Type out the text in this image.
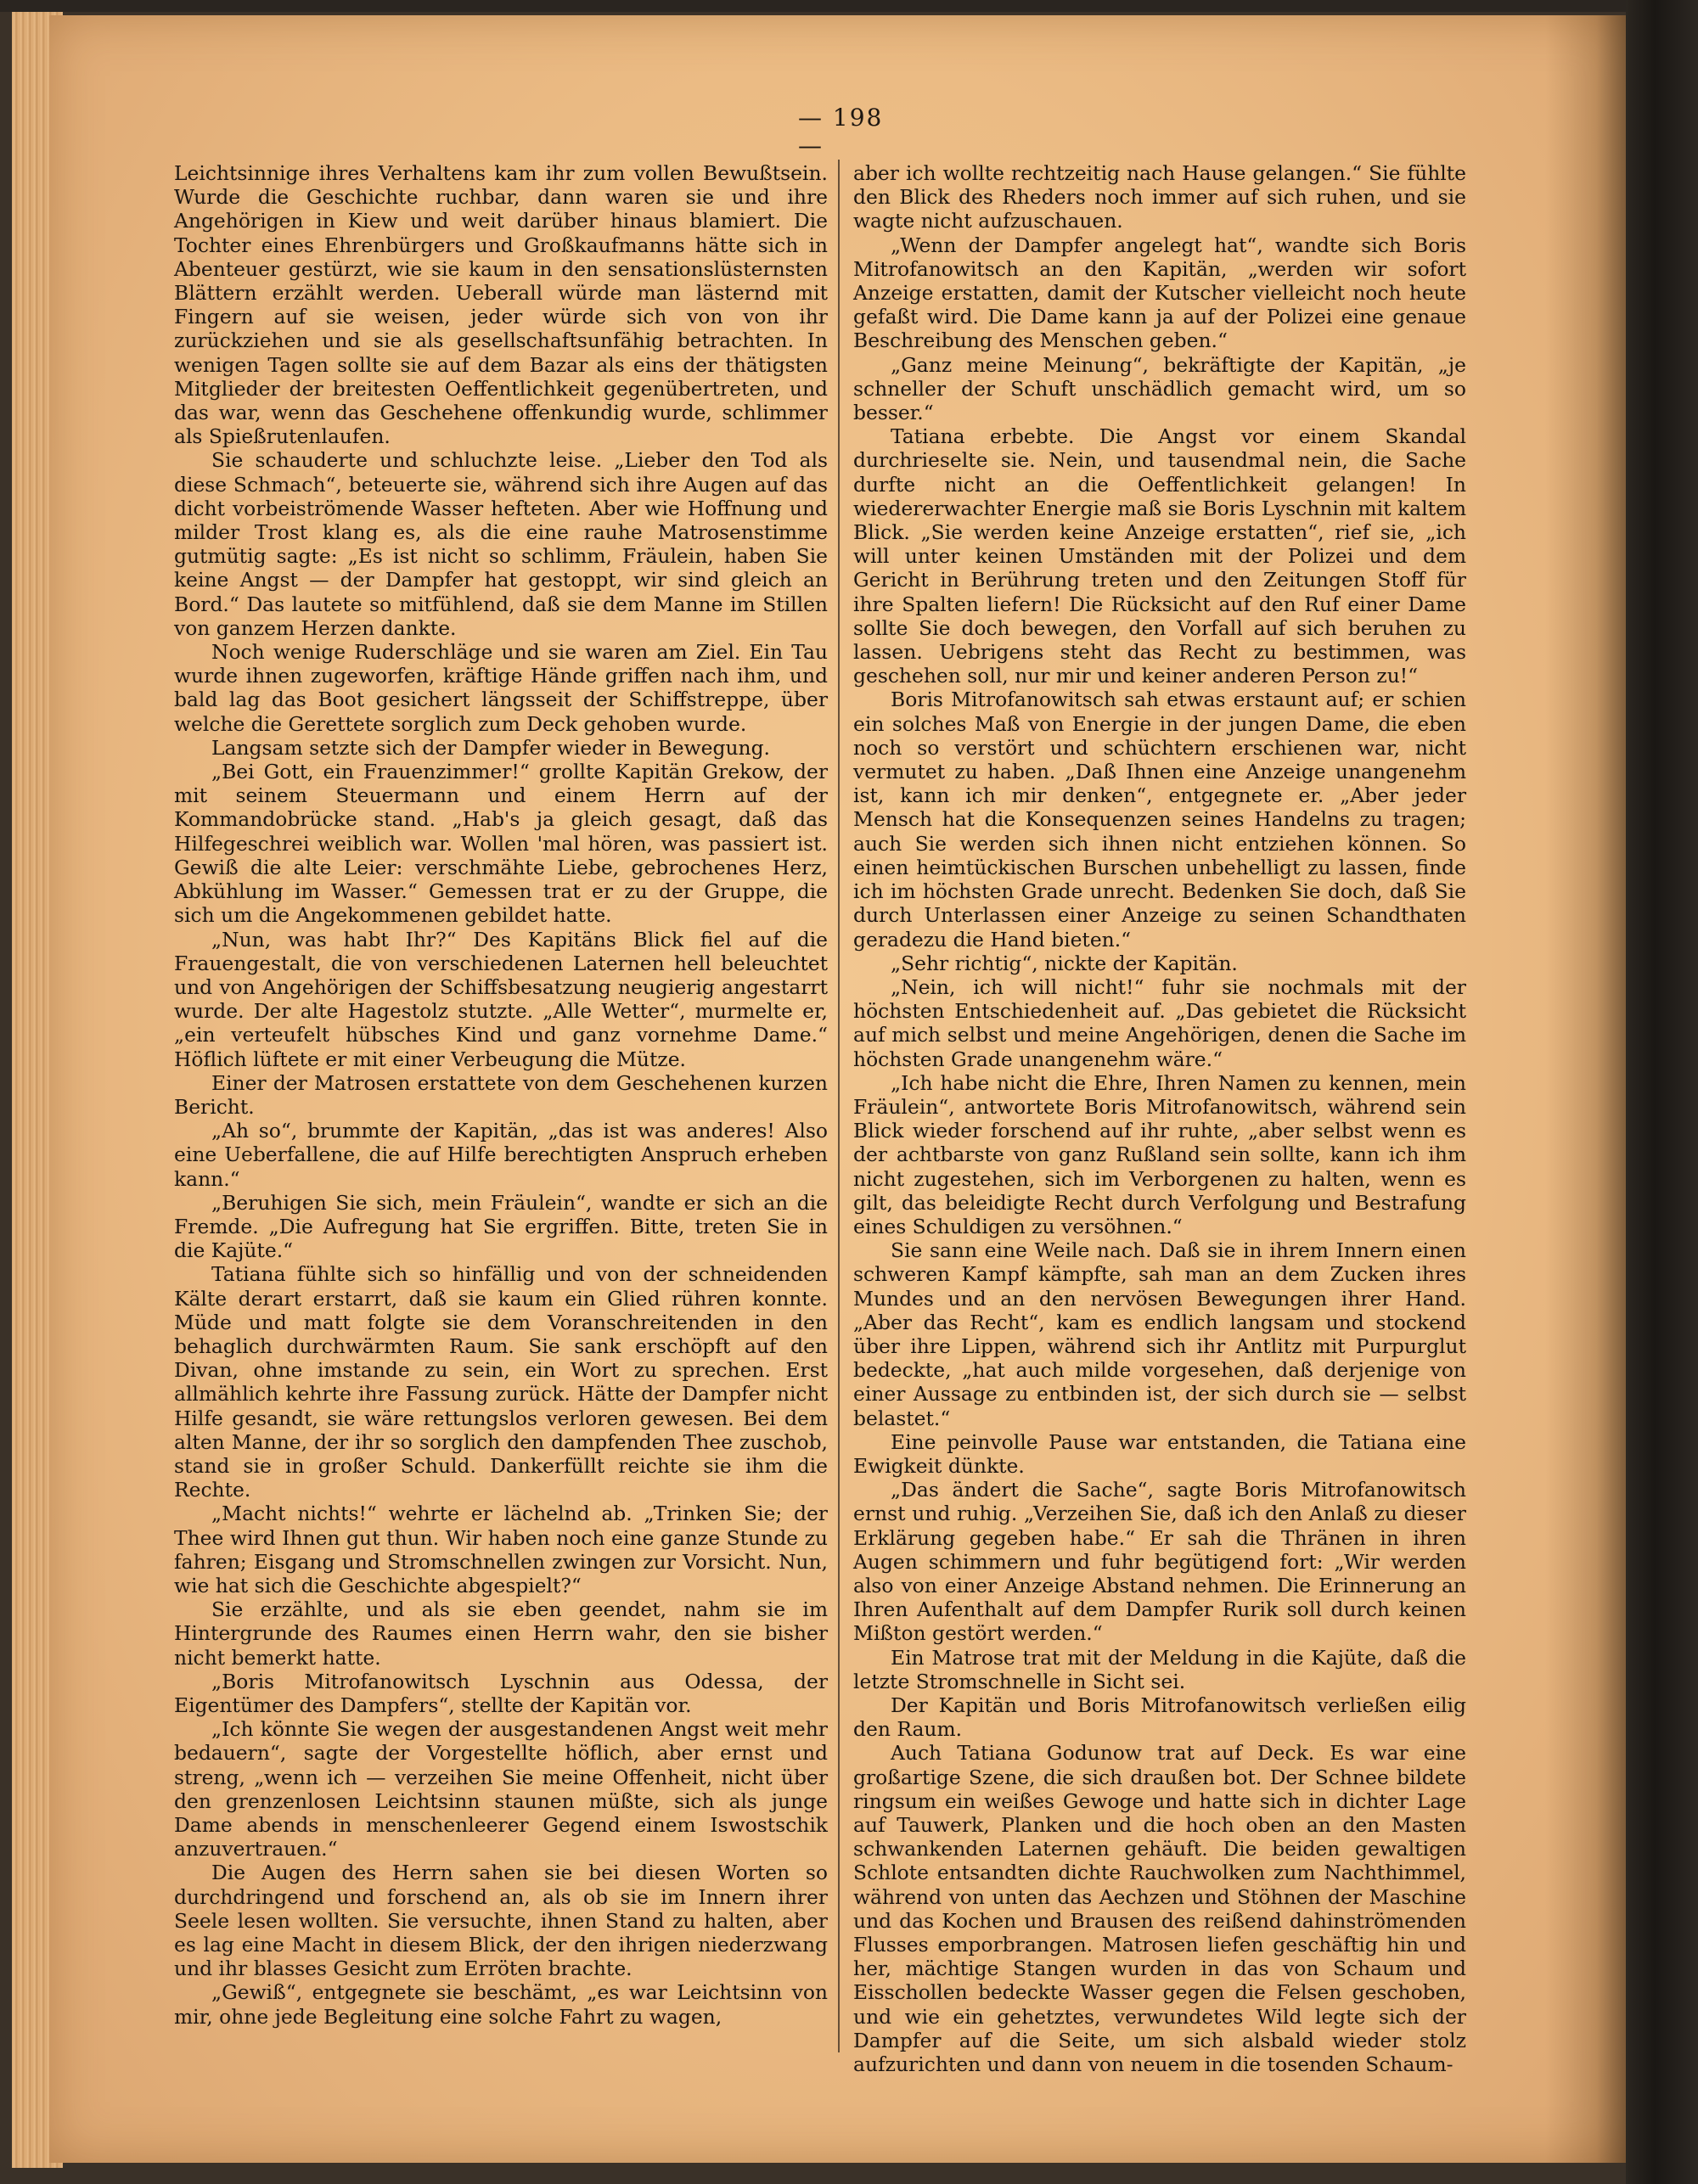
— 198 —

Leichtsinnige ihres Verhaltens kam ihr zum vollen Bewußtsein. Wurde die Geschichte ruchbar, dann waren sie und ihre Angehörigen in Kiew und weit darüber hinaus blamiert. Die Tochter eines Ehrenbürgers und Großkaufmanns hätte sich in Abenteuer gestürzt, wie sie kaum in den sensationslüsternsten Blättern erzählt werden. Ueberall würde man lästernd mit Fingern auf sie weisen, jeder würde sich von von ihr zurückziehen und sie als gesellschaftsunfähig betrachten. In wenigen Tagen sollte sie auf dem Bazar als eins der thätigsten Mitglieder der breitesten Oeffentlichkeit gegenübertreten, und das war, wenn das Geschehene offenkundig wurde, schlimmer als Spießrutenlaufen.

Sie schauderte und schluchzte leise. „Lieber den Tod als diese Schmach“, beteuerte sie, während sich ihre Augen auf das dicht vorbeiströmende Wasser hefteten. Aber wie Hoffnung und milder Trost klang es, als die eine rauhe Matrosenstimme gutmütig sagte: „Es ist nicht so schlimm, Fräulein, haben Sie keine Angst — der Dampfer hat gestoppt, wir sind gleich an Bord.“ Das lautete so mitfühlend, daß sie dem Manne im Stillen von ganzem Herzen dankte.

Noch wenige Ruderschläge und sie waren am Ziel. Ein Tau wurde ihnen zugeworfen, kräftige Hände griffen nach ihm, und bald lag das Boot gesichert längsseit der Schiffstreppe, über welche die Gerettete sorglich zum Deck gehoben wurde.

Langsam setzte sich der Dampfer wieder in Bewegung.

„Bei Gott, ein Frauenzimmer!“ grollte Kapitän Grekow, der mit seinem Steuermann und einem Herrn auf der Kommandobrücke stand. „Hab's ja gleich gesagt, daß das Hilfegeschrei weiblich war. Wollen 'mal hören, was passiert ist. Gewiß die alte Leier: verschmähte Liebe, gebrochenes Herz, Abkühlung im Wasser.“ Gemessen trat er zu der Gruppe, die sich um die Angekommenen gebildet hatte.

„Nun, was habt Ihr?“ Des Kapitäns Blick fiel auf die Frauengestalt, die von verschiedenen Laternen hell beleuchtet und von Angehörigen der Schiffsbesatzung neugierig angestarrt wurde. Der alte Hagestolz stutzte. „Alle Wetter“, murmelte er, „ein verteufelt hübsches Kind und ganz vornehme Dame.“ Höflich lüftete er mit einer Verbeugung die Mütze.

Einer der Matrosen erstattete von dem Geschehenen kurzen Bericht.

„Ah so“, brummte der Kapitän, „das ist was anderes! Also eine Ueberfallene, die auf Hilfe berechtigten Anspruch erheben kann.“

„Beruhigen Sie sich, mein Fräulein“, wandte er sich an die Fremde. „Die Aufregung hat Sie ergriffen. Bitte, treten Sie in die Kajüte.“

Tatiana fühlte sich so hinfällig und von der schneidenden Kälte derart erstarrt, daß sie kaum ein Glied rühren konnte. Müde und matt folgte sie dem Voranschreitenden in den behaglich durchwärmten Raum. Sie sank erschöpft auf den Divan, ohne imstande zu sein, ein Wort zu sprechen. Erst allmählich kehrte ihre Fassung zurück. Hätte der Dampfer nicht Hilfe gesandt, sie wäre rettungslos verloren gewesen. Bei dem alten Manne, der ihr so sorglich den dampfenden Thee zuschob, stand sie in großer Schuld. Dankerfüllt reichte sie ihm die Rechte.

„Macht nichts!“ wehrte er lächelnd ab. „Trinken Sie; der Thee wird Ihnen gut thun. Wir haben noch eine ganze Stunde zu fahren; Eisgang und Stromschnellen zwingen zur Vorsicht. Nun, wie hat sich die Geschichte abgespielt?“

Sie erzählte, und als sie eben geendet, nahm sie im Hintergrunde des Raumes einen Herrn wahr, den sie bisher nicht bemerkt hatte.

„Boris Mitrofanowitsch Lyschnin aus Odessa, der Eigentümer des Dampfers“, stellte der Kapitän vor.

„Ich könnte Sie wegen der ausgestandenen Angst weit mehr bedauern“, sagte der Vorgestellte höflich, aber ernst und streng, „wenn ich — verzeihen Sie meine Offenheit, nicht über den grenzenlosen Leichtsinn staunen müßte, sich als junge Dame abends in menschenleerer Gegend einem Iswostschik anzuvertrauen.“

Die Augen des Herrn sahen sie bei diesen Worten so durchdringend und forschend an, als ob sie im Innern ihrer Seele lesen wollten. Sie versuchte, ihnen Stand zu halten, aber es lag eine Macht in diesem Blick, der den ihrigen niederzwang und ihr blasses Gesicht zum Erröten brachte.

„Gewiß“, entgegnete sie beschämt, „es war Leichtsinn von mir, ohne jede Begleitung eine solche Fahrt zu wagen,

aber ich wollte rechtzeitig nach Hause gelangen.“ Sie fühlte den Blick des Rheders noch immer auf sich ruhen, und sie wagte nicht aufzuschauen.

„Wenn der Dampfer angelegt hat“, wandte sich Boris Mitrofanowitsch an den Kapitän, „werden wir sofort Anzeige erstatten, damit der Kutscher vielleicht noch heute gefaßt wird. Die Dame kann ja auf der Polizei eine genaue Beschreibung des Menschen geben.“

„Ganz meine Meinung“, bekräftigte der Kapitän, „je schneller der Schuft unschädlich gemacht wird, um so besser.“

Tatiana erbebte. Die Angst vor einem Skandal durchrieselte sie. Nein, und tausendmal nein, die Sache durfte nicht an die Oeffentlichkeit gelangen! In wiedererwachter Energie maß sie Boris Lyschnin mit kaltem Blick. „Sie werden keine Anzeige erstatten“, rief sie, „ich will unter keinen Umständen mit der Polizei und dem Gericht in Berührung treten und den Zeitungen Stoff für ihre Spalten liefern! Die Rücksicht auf den Ruf einer Dame sollte Sie doch bewegen, den Vorfall auf sich beruhen zu lassen. Uebrigens steht das Recht zu bestimmen, was geschehen soll, nur mir und keiner anderen Person zu!“

Boris Mitrofanowitsch sah etwas erstaunt auf; er schien ein solches Maß von Energie in der jungen Dame, die eben noch so verstört und schüchtern erschienen war, nicht vermutet zu haben. „Daß Ihnen eine Anzeige unangenehm ist, kann ich mir denken“, entgegnete er. „Aber jeder Mensch hat die Konsequenzen seines Handelns zu tragen; auch Sie werden sich ihnen nicht entziehen können. So einen heimtückischen Burschen unbehelligt zu lassen, finde ich im höchsten Grade unrecht. Bedenken Sie doch, daß Sie durch Unterlassen einer Anzeige zu seinen Schandthaten geradezu die Hand bieten.“

„Sehr richtig“, nickte der Kapitän.

„Nein, ich will nicht!“ fuhr sie nochmals mit der höchsten Entschiedenheit auf. „Das gebietet die Rücksicht auf mich selbst und meine Angehörigen, denen die Sache im höchsten Grade unangenehm wäre.“

„Ich habe nicht die Ehre, Ihren Namen zu kennen, mein Fräulein“, antwortete Boris Mitrofanowitsch, während sein Blick wieder forschend auf ihr ruhte, „aber selbst wenn es der achtbarste von ganz Rußland sein sollte, kann ich ihm nicht zugestehen, sich im Verborgenen zu halten, wenn es gilt, das beleidigte Recht durch Verfolgung und Bestrafung eines Schuldigen zu versöhnen.“

Sie sann eine Weile nach. Daß sie in ihrem Innern einen schweren Kampf kämpfte, sah man an dem Zucken ihres Mundes und an den nervösen Bewegungen ihrer Hand. „Aber das Recht“, kam es endlich langsam und stockend über ihre Lippen, während sich ihr Antlitz mit Purpurglut bedeckte, „hat auch milde vorgesehen, daß derjenige von einer Aussage zu entbinden ist, der sich durch sie — selbst belastet.“

Eine peinvolle Pause war entstanden, die Tatiana eine Ewigkeit dünkte.

„Das ändert die Sache“, sagte Boris Mitrofanowitsch ernst und ruhig. „Verzeihen Sie, daß ich den Anlaß zu dieser Erklärung gegeben habe.“ Er sah die Thränen in ihren Augen schimmern und fuhr begütigend fort: „Wir werden also von einer Anzeige Abstand nehmen. Die Erinnerung an Ihren Aufenthalt auf dem Dampfer Rurik soll durch keinen Mißton gestört werden.“

Ein Matrose trat mit der Meldung in die Kajüte, daß die letzte Stromschnelle in Sicht sei.

Der Kapitän und Boris Mitrofanowitsch verließen eilig den Raum.

Auch Tatiana Godunow trat auf Deck. Es war eine großartige Szene, die sich draußen bot. Der Schnee bildete ringsum ein weißes Gewoge und hatte sich in dichter Lage auf Tauwerk, Planken und die hoch oben an den Masten schwankenden Laternen gehäuft. Die beiden gewaltigen Schlote entsandten dichte Rauchwolken zum Nachthimmel, während von unten das Aechzen und Stöhnen der Maschine und das Kochen und Brausen des reißend dahinströmenden Flusses emporbrangen. Matrosen liefen geschäftig hin und her, mächtige Stangen wurden in das von Schaum und Eisschollen bedeckte Wasser gegen die Felsen geschoben, und wie ein gehetztes, verwundetes Wild legte sich der Dampfer auf die Seite, um sich alsbald wieder stolz aufzurichten und dann von neuem in die tosenden Schaum-
